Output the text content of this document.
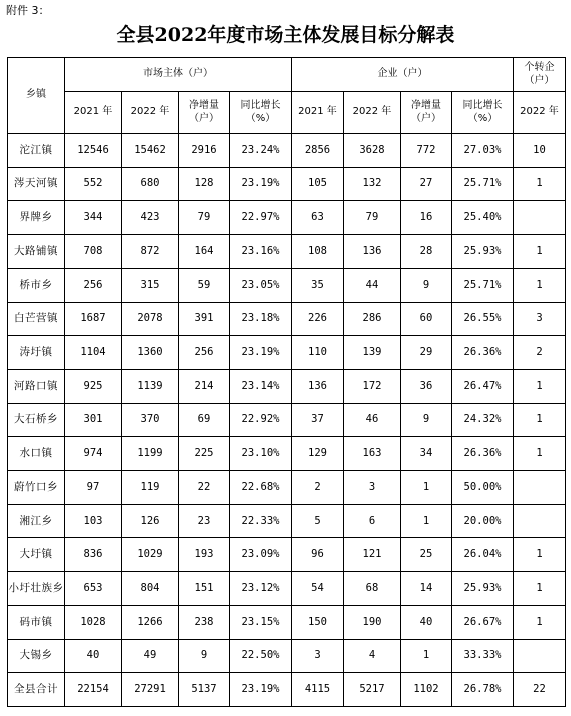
附件 3：
全县2022年度市场主体发展目标分解表
乡镇	市场主体（户）				企业（户）				个转企（户）
	2021 年	2022 年	净增量（户）	同比增长（%）	2021 年	2022 年	净增量（户）	同比增长（%）	2022 年
沱江镇	12546	15462	2916	23.24%	2856	3628	772	27.03%	10
涔天河镇	552	680	128	23.19%	105	132	27	25.71%	1
界牌乡	344	423	79	22.97%	63	79	16	25.40%	
大路铺镇	708	872	164	23.16%	108	136	28	25.93%	1
桥市乡	256	315	59	23.05%	35	44	9	25.71%	1
白芒营镇	1687	2078	391	23.18%	226	286	60	26.55%	3
涛圩镇	1104	1360	256	23.19%	110	139	29	26.36%	2
河路口镇	925	1139	214	23.14%	136	172	36	26.47%	1
大石桥乡	301	370	69	22.92%	37	46	9	24.32%	1
水口镇	974	1199	225	23.10%	129	163	34	26.36%	1
蔚竹口乡	97	119	22	22.68%	2	3	1	50.00%	
湘江乡	103	126	23	22.33%	5	6	1	20.00%	
大圩镇	836	1029	193	23.09%	96	121	25	26.04%	1
小圩壮族乡	653	804	151	23.12%	54	68	14	25.93%	1
码市镇	1028	1266	238	23.15%	150	190	40	26.67%	1
大锡乡	40	49	9	22.50%	3	4	1	33.33%	
全县合计	22154	27291	5137	23.19%	4115	5217	1102	26.78%	22
